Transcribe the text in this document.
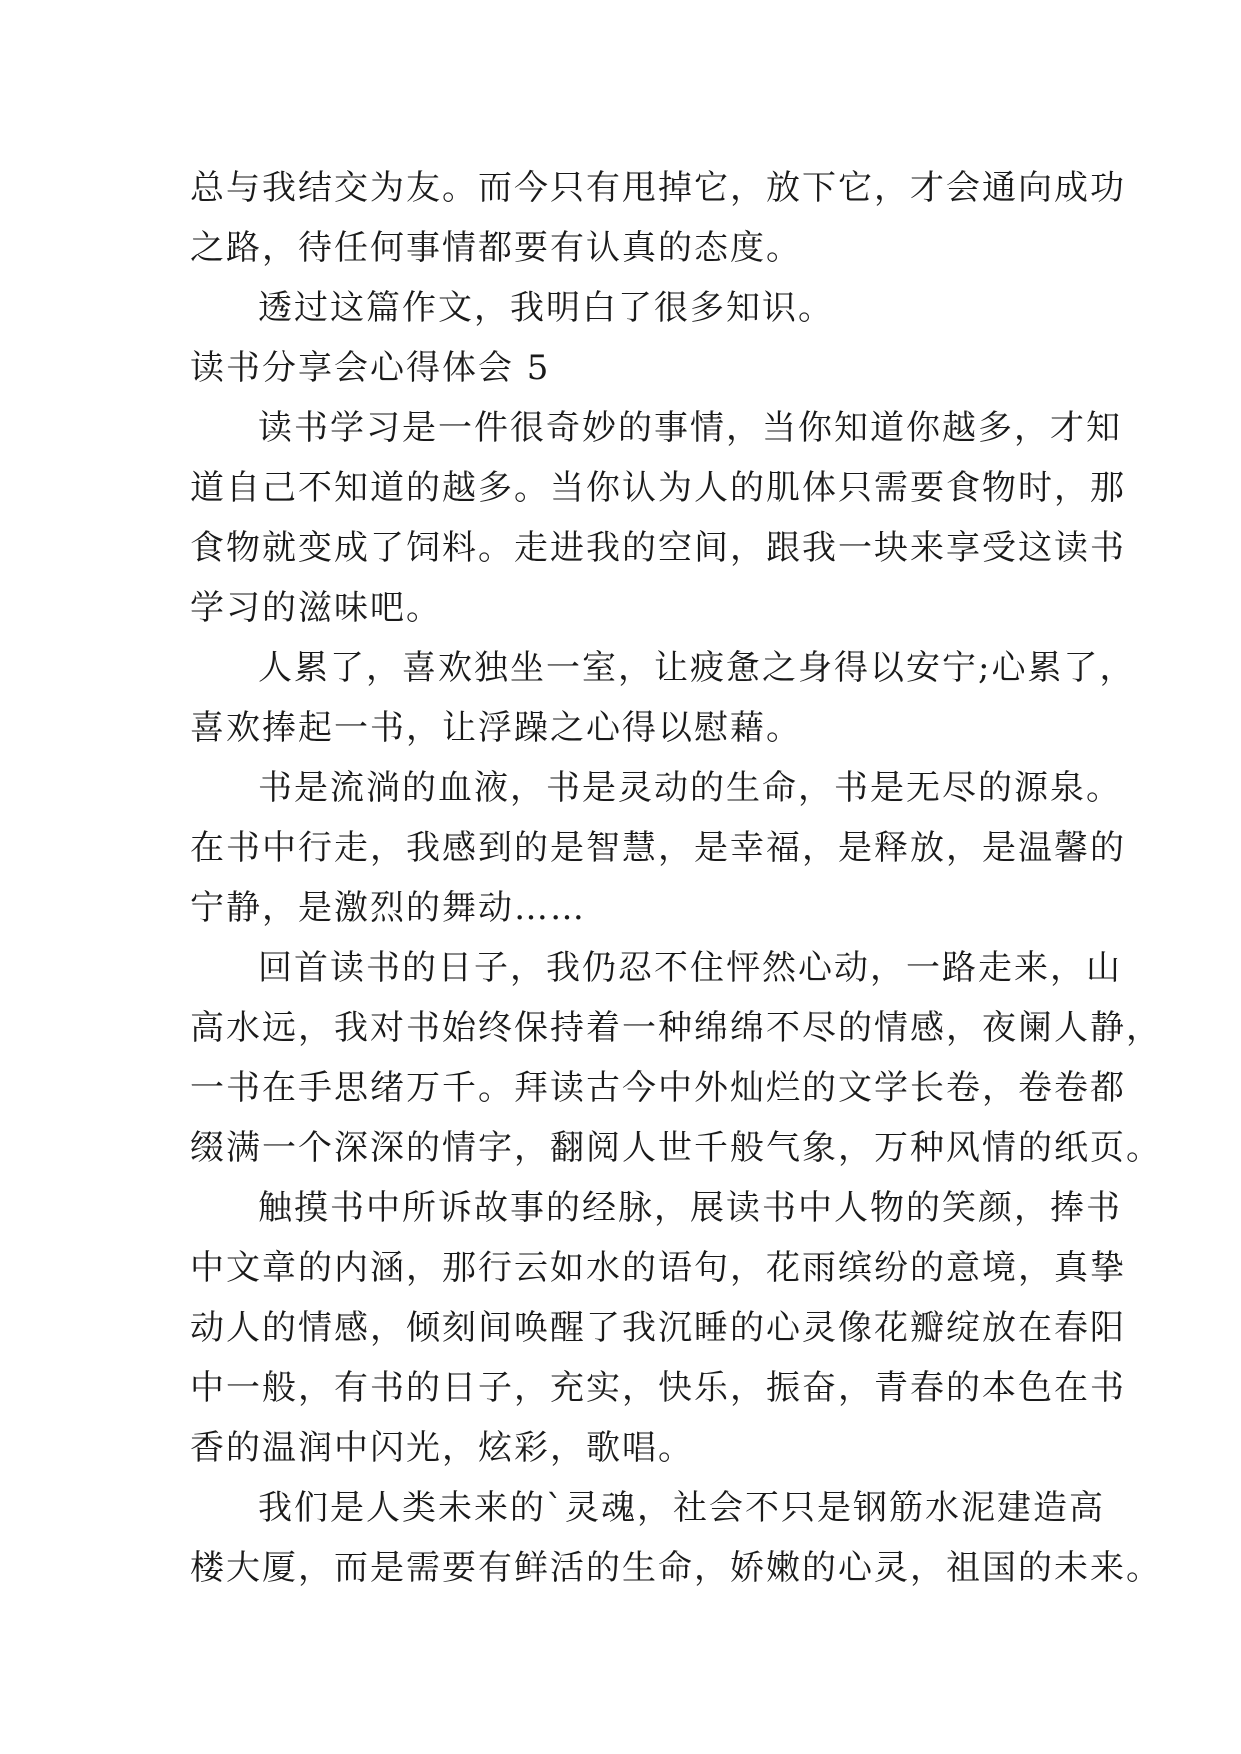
总与我结交为友。而今只有甩掉它，放下它，才会通向成功
之路，待任何事情都要有认真的态度。
透过这篇作文，我明白了很多知识。
读书分享会心得体会 5
读书学习是一件很奇妙的事情，当你知道你越多，才知
道自己不知道的越多。当你认为人的肌体只需要食物时，那
食物就变成了饲料。走进我的空间，跟我一块来享受这读书
学习的滋味吧。
人累了，喜欢独坐一室，让疲惫之身得以安宁;心累了，
喜欢捧起一书，让浮躁之心得以慰藉。
书是流淌的血液，书是灵动的生命，书是无尽的源泉。
在书中行走，我感到的是智慧，是幸福，是释放，是温馨的
宁静，是激烈的舞动……
回首读书的日子，我仍忍不住怦然心动，一路走来，山
高水远，我对书始终保持着一种绵绵不尽的情感，夜阑人静，
一书在手思绪万千。拜读古今中外灿烂的文学长卷，卷卷都
缀满一个深深的情字，翻阅人世千般气象，万种风情的纸页。
触摸书中所诉故事的经脉，展读书中人物的笑颜，捧书
中文章的内涵，那行云如水的语句，花雨缤纷的意境，真挚
动人的情感，倾刻间唤醒了我沉睡的心灵像花瓣绽放在春阳
中一般，有书的日子，充实，快乐，振奋，青春的本色在书
香的温润中闪光，炫彩，歌唱。
我们是人类未来的`灵魂，社会不只是钢筋水泥建造高
楼大厦，而是需要有鲜活的生命，娇嫩的心灵，祖国的未来。
